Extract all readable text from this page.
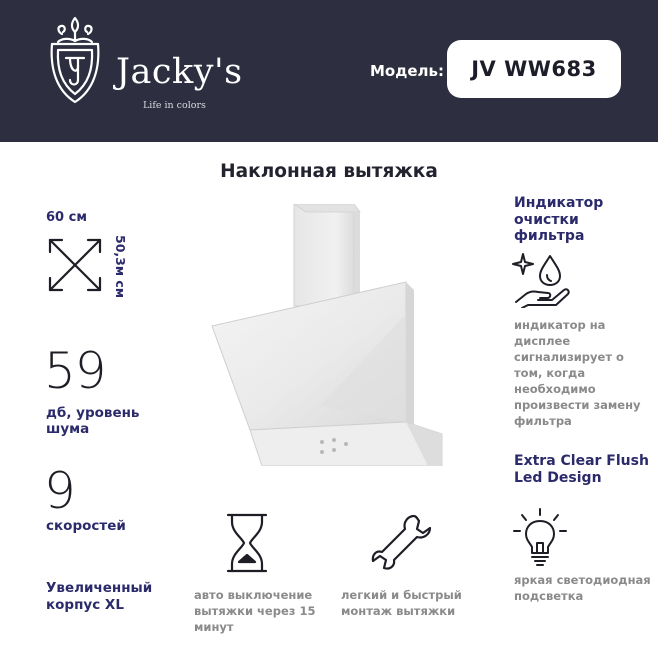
Jacky's
Life in colors
Модель:	JV WW683
Наклонная вытяжка
60 см
50,3м см
59
дб, уровень шума
9
скоростей
Увеличенный корпус XL
Индикатор очистки фильтра
индикатор на дисплее сигнализирует о том, когда необходимо произвести замену фильтра
Extra Clear Flush Led Design
яркая светодиодная подсветка
авто выключение вытяжки через 15 минут
легкий и быстрый монтаж вытяжки
